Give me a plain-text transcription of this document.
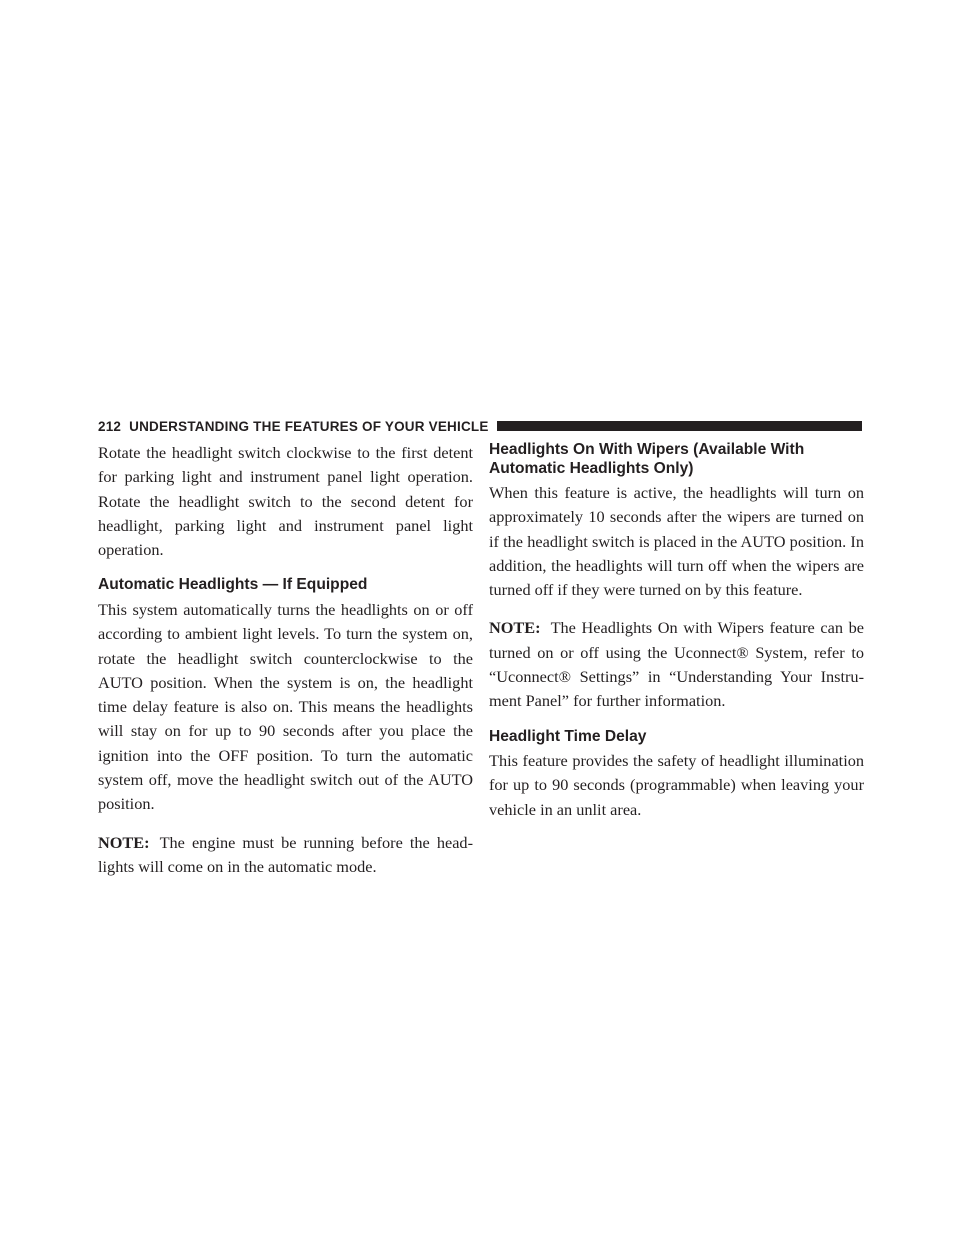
212 UNDERSTANDING THE FEATURES OF YOUR VEHICLE

Rotate the headlight switch clockwise to the first detent for parking light and instrument panel light operation. Rotate the headlight switch to the second detent for headlight, parking light and instrument panel light operation.

Automatic Headlights — If Equipped

This system automatically turns the headlights on or off according to ambient light levels. To turn the system on, rotate the headlight switch counterclockwise to the AUTO position. When the system is on, the headlight time delay feature is also on. This means the headlights will stay on for up to 90 seconds after you place the ignition into the OFF position. To turn the automatic system off, move the headlight switch out of the AUTO position.

NOTE: The engine must be running before the head-lights will come on in the automatic mode.

Headlights On With Wipers (Available With Automatic Headlights Only)

When this feature is active, the headlights will turn on approximately 10 seconds after the wipers are turned on if the headlight switch is placed in the AUTO position. In addition, the headlights will turn off when the wipers are turned off if they were turned on by this feature.

NOTE: The Headlights On with Wipers feature can be turned on or off using the Uconnect® System, refer to “Uconnect® Settings” in “Understanding Your Instru-ment Panel” for further information.

Headlight Time Delay

This feature provides the safety of headlight illumination for up to 90 seconds (programmable) when leaving your vehicle in an unlit area.
